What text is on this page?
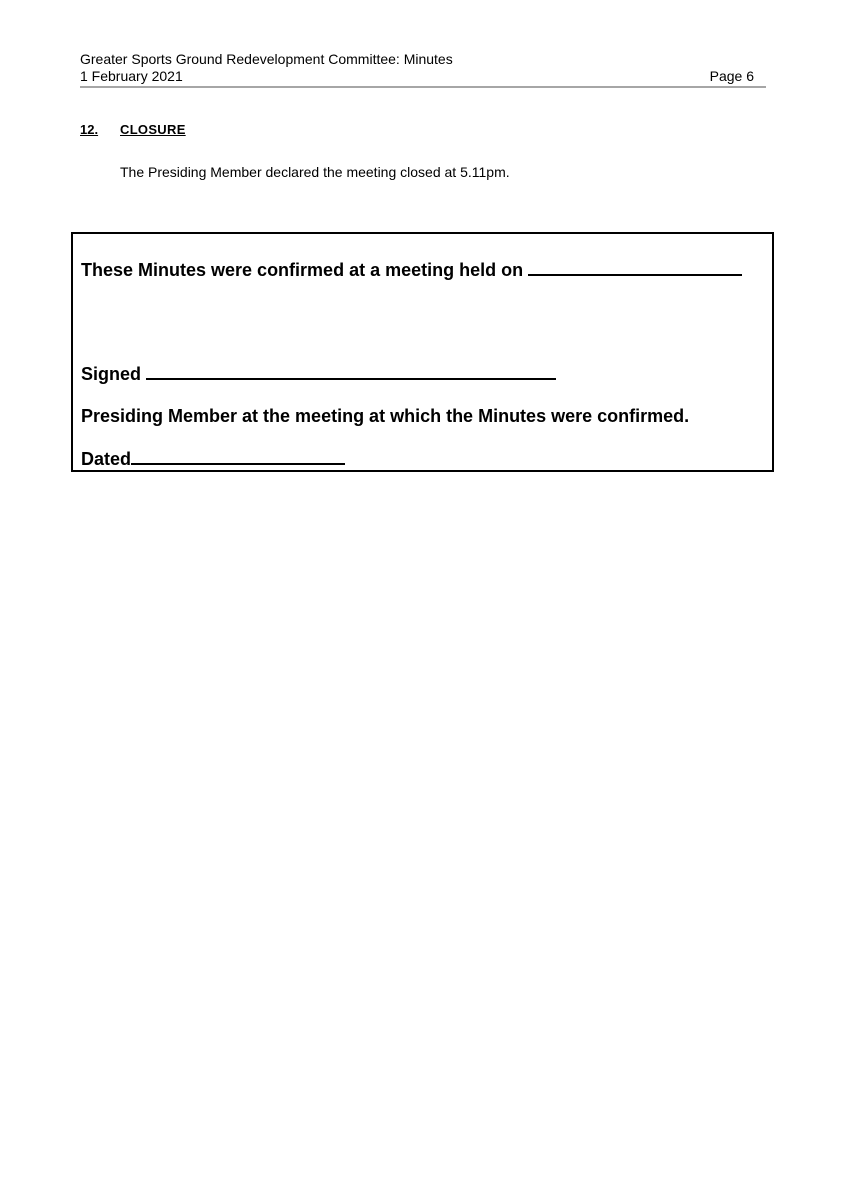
Greater Sports Ground Redevelopment Committee: Minutes
1 February 2021	Page 6
12. CLOSURE
The Presiding Member declared the meeting closed at 5.11pm.
These Minutes were confirmed at a meeting held on
Signed
Presiding Member at the meeting at which the Minutes were confirmed.
Dated
